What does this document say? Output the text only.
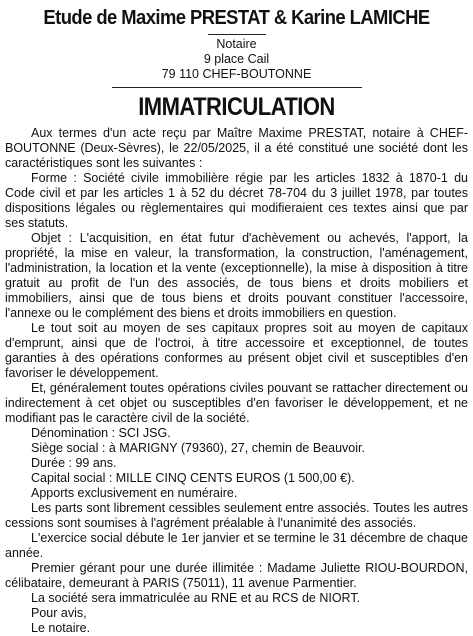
Etude de Maxime PRESTAT & Karine LAMICHE
Notaire
9 place Cail
79 110 CHEF-BOUTONNE
IMMATRICULATION

Aux termes d'un acte reçu par Maître Maxime PRESTAT, notaire à CHEF-BOUTONNE (Deux-Sèvres), le 22/05/2025, il a été constitué une société dont les caractéristiques sont les suivantes :

Forme : Société civile immobilière régie par les articles 1832 à 1870-1 du Code civil et par les articles 1 à 52 du décret 78-704 du 3 juillet 1978, par toutes dispositions légales ou règlementaires qui modifieraient ces textes ainsi que par ses statuts.

Objet : L'acquisition, en état futur d'achèvement ou achevés, l'apport, la propriété, la mise en valeur, la transformation, la construction, l'aménagement, l'administration, la location et la vente (exceptionnelle), la mise à disposition à titre gratuit au profit de l'un des associés, de tous biens et droits mobiliers et immobiliers, ainsi que de tous biens et droits pouvant constituer l'accessoire, l'annexe ou le complément des biens et droits immobiliers en question.

Le tout soit au moyen de ses capitaux propres soit au moyen de capitaux d'emprunt, ainsi que de l'octroi, à titre accessoire et exceptionnel, de toutes garanties à des opérations conformes au présent objet civil et susceptibles d'en favoriser le développement.

Et, généralement toutes opérations civiles pouvant se rattacher directement ou indirectement à cet objet ou susceptibles d'en favoriser le développement, et ne modifiant pas le caractère civil de la société.

Dénomination : SCI JSG.

Siège social : à MARIGNY (79360), 27, chemin de Beauvoir.

Durée : 99 ans.

Capital social : MILLE CINQ CENTS EUROS (1 500,00 €).

Apports exclusivement en numéraire.

Les parts sont librement cessibles seulement entre associés. Toutes les autres cessions sont soumises à l'agrément préalable à l'unanimité des associés.

L'exercice social débute le 1er janvier et se termine le 31 décembre de chaque année.

Premier gérant pour une durée illimitée : Madame Juliette RIOU-BOURDON, célibataire, demeurant à PARIS (75011), 11 avenue Parmentier.

La société sera immatriculée au RNE et au RCS de NIORT.

Pour avis,

Le notaire.
